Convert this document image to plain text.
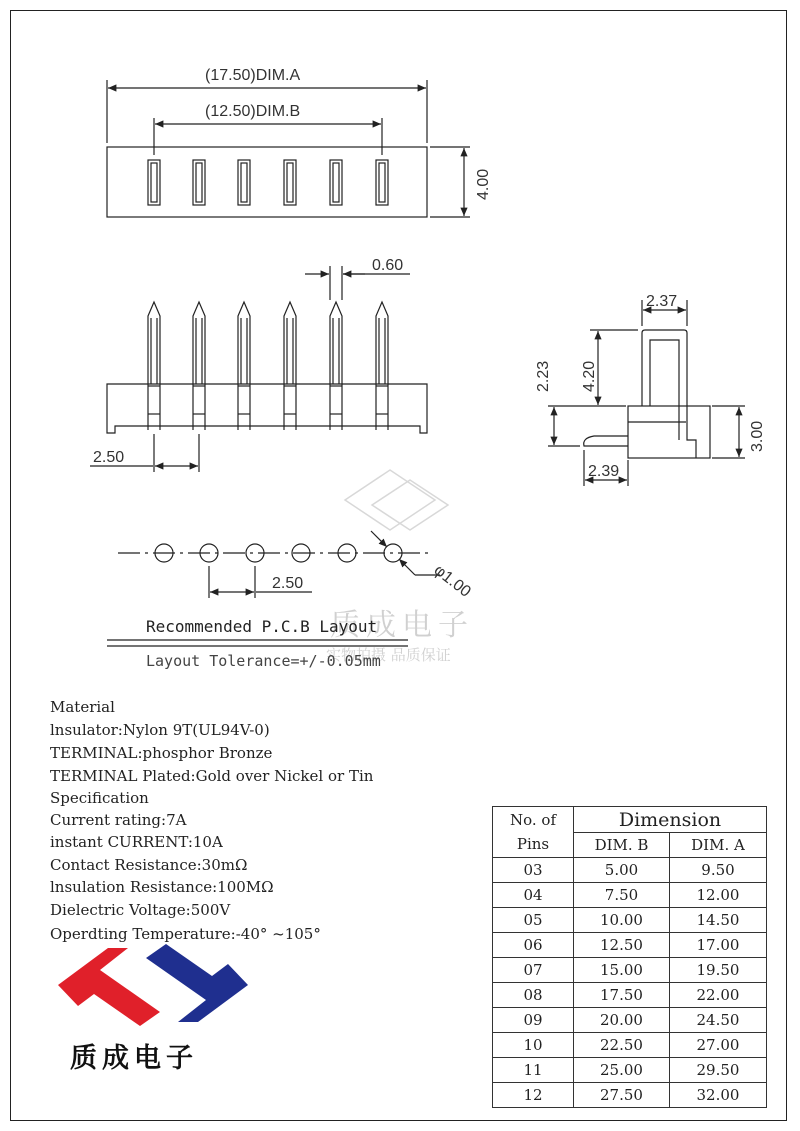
(17.50)DIM.A
(12.50)DIM.B
4.00
0.60
2.50
2.37
4.20
2.23
3.00
2.39
2.50	φ1.00
质成电子
实物拍摄 品质保证
Recommended P.C.B Layout
Layout Tolerance=+/-0.05mm
Material
lnsulator:Nylon 9T(UL94V-0)
TERMINAL:phosphor Bronze
TERMINAL Plated:Gold over Nickel or Tin
Specification
Current rating:7A
instant CURRENT:10A
Contact Resistance:30mΩ
lnsulation Resistance:100MΩ
Dielectric Voltage:500V
Operdting Temperature:-40° ~105°
No. of Pins	Dimension	
	DIM. B	DIM. A
03	5.00	9.50
04	7.50	12.00
05	10.00	14.50
06	12.50	17.00
07	15.00	19.50
08	17.50	22.00
09	20.00	24.50
10	22.50	27.00
11	25.00	29.50
12	27.50	32.00
质成电子
